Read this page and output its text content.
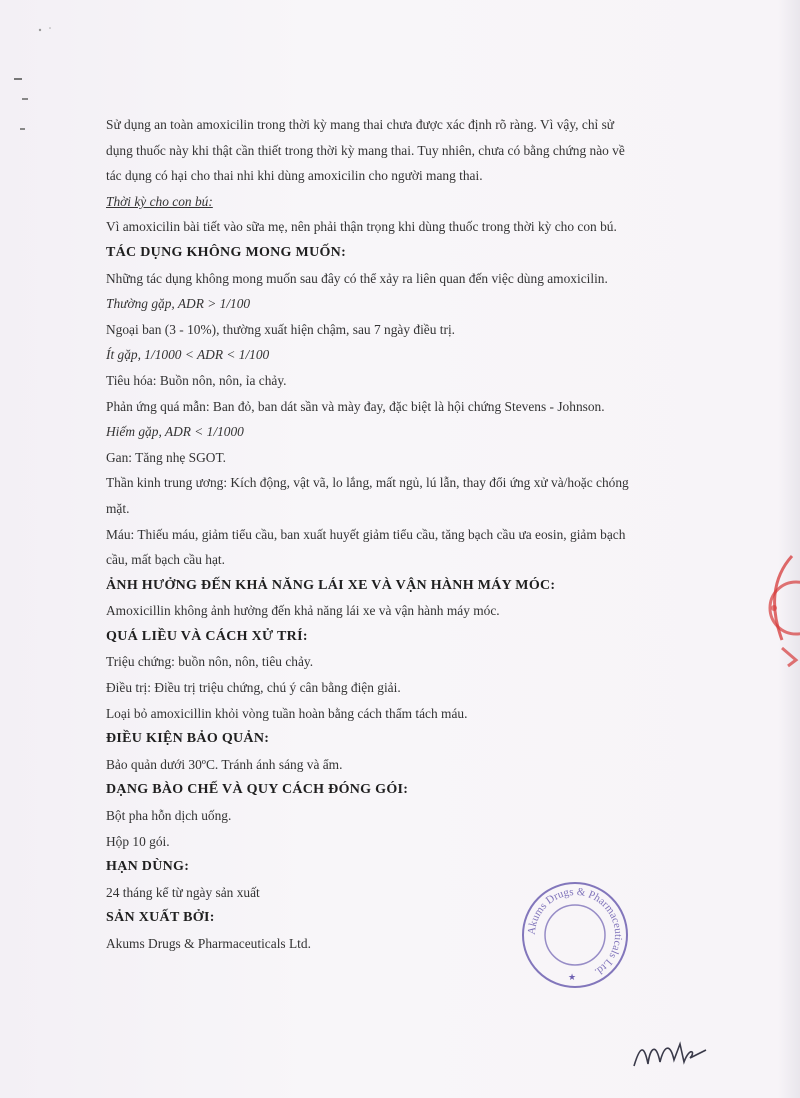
Sử dụng an toàn amoxicilin trong thời kỳ mang thai chưa được xác định rõ ràng. Vì vậy, chỉ sử
dụng thuốc này khi thật cần thiết trong thời kỳ mang thai. Tuy nhiên, chưa có bằng chứng nào về
tác dụng có hại cho thai nhi khi dùng amoxicilin cho người mang thai.
Thời kỳ cho con bú:
Vì amoxicilin bài tiết vào sữa mẹ, nên phải thận trọng khi dùng thuốc trong thời kỳ cho con bú.
TÁC DỤNG KHÔNG MONG MUỐN:
Những tác dụng không mong muốn sau đây có thể xảy ra liên quan đến việc dùng amoxicilin.
Thường gặp, ADR > 1/100
Ngoại ban (3 - 10%), thường xuất hiện chậm, sau 7 ngày điều trị.
Ít gặp, 1/1000 < ADR < 1/100
Tiêu hóa: Buồn nôn, nôn, ỉa chảy.
Phản ứng quá mẫn: Ban đỏ, ban dát sần và mày đay, đặc biệt là hội chứng Stevens - Johnson.
Hiếm gặp, ADR < 1/1000
Gan: Tăng nhẹ SGOT.
Thần kinh trung ương: Kích động, vật vã, lo lắng, mất ngủ, lú lẫn, thay đổi ứng xử và/hoặc chóng
mặt.
Máu: Thiếu máu, giảm tiểu cầu, ban xuất huyết giảm tiểu cầu, tăng bạch cầu ưa eosin, giảm bạch
cầu, mất bạch cầu hạt.
ẢNH HƯỞNG ĐẾN KHẢ NĂNG LÁI XE VÀ VẬN HÀNH MÁY MÓC:
Amoxicillin không ảnh hưởng đến khả năng lái xe và vận hành máy móc.
QUÁ LIỀU VÀ CÁCH XỬ TRÍ:
Triệu chứng: buồn nôn, nôn, tiêu chảy.
Điều trị: Điều trị triệu chứng, chú ý cân bằng điện giải.
Loại bỏ amoxicillin khỏi vòng tuần hoàn bằng cách thẩm tách máu.
ĐIỀU KIỆN BẢO QUẢN:
Bảo quản dưới 30ºC. Tránh ánh sáng và ẩm.
DẠNG BÀO CHẾ VÀ QUY CÁCH ĐÓNG GÓI:
Bột pha hỗn dịch uống.
Hộp 10 gói.
HẠN DÙNG:
24 tháng kể từ ngày sản xuất
SẢN XUẤT BỞI:
Akums Drugs & Pharmaceuticals Ltd.
Akums Drugs & Pharmaceuticals Ltd.
★
